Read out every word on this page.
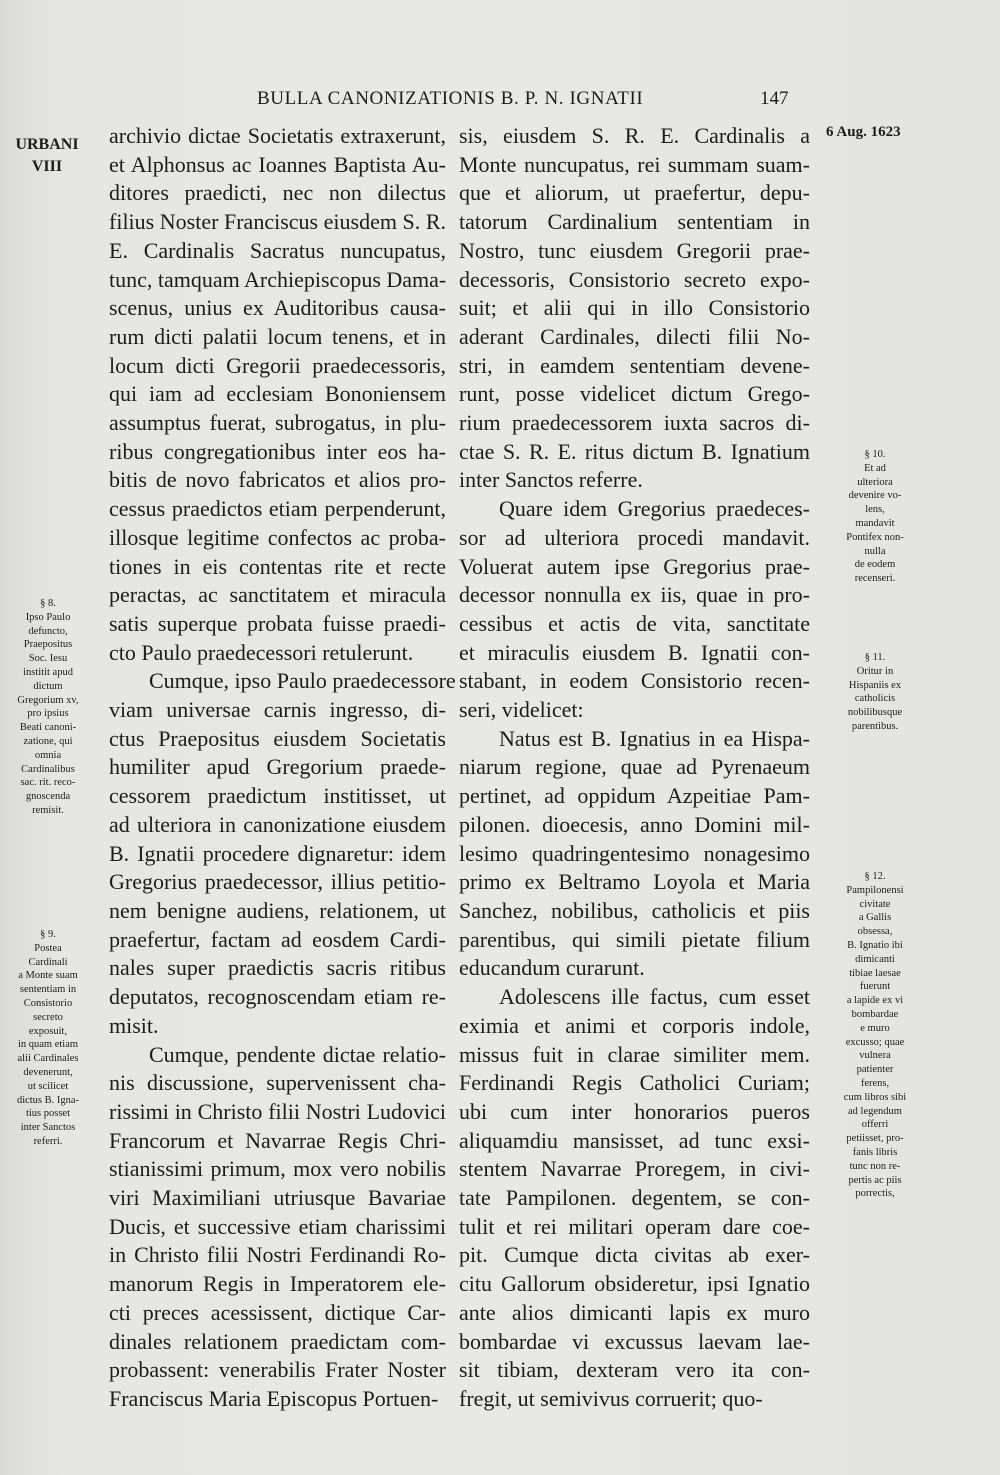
BULLA CANONIZATIONIS B. P. N. IGNATII	147
URBANI
VIII
6 Aug. 1623

archivio dictae Societatis extraxerunt,
et Alphonsus ac Ioannes Baptista Au-
ditores praedicti, nec non dilectus
filius Noster Franciscus eiusdem S. R.
E. Cardinalis Sacratus nuncupatus,
tunc, tamquam Archiepiscopus Dama-
scenus, unius ex Auditoribus causa-
rum dicti palatii locum tenens, et in
locum dicti Gregorii praedecessoris,
qui iam ad ecclesiam Bononiensem
assumptus fuerat, subrogatus, in plu-
ribus congregationibus inter eos ha-
bitis de novo fabricatos et alios pro-
cessus praedictos etiam perpenderunt,
illosque legitime confectos ac proba-
tiones in eis contentas rite et recte
peractas, ac sanctitatem et miracula
satis superque probata fuisse praedi-
cto Paulo praedecessori retulerunt.

Cumque, ipso Paulo praedecessore
viam universae carnis ingresso, di-
ctus Praepositus eiusdem Societatis
humiliter apud Gregorium praede-
cessorem praedictum institisset, ut
ad ulteriora in canonizatione eiusdem
B. Ignatii procedere dignaretur: idem
Gregorius praedecessor, illius petitio-
nem benigne audiens, relationem, ut
praefertur, factam ad eosdem Cardi-
nales super praedictis sacris ritibus
deputatos, recognoscendam etiam re-
misit.

Cumque, pendente dictae relatio-
nis discussione, supervenissent cha-
rissimi in Christo filii Nostri Ludovici
Francorum et Navarrae Regis Chri-
stianissimi primum, mox vero nobilis
viri Maximiliani utriusque Bavariae
Ducis, et successive etiam charissimi
in Christo filii Nostri Ferdinandi Ro-
manorum Regis in Imperatorem ele-
cti preces acessissent, dictique Car-
dinales relationem praedictam com-
probassent: venerabilis Frater Noster
Franciscus Maria Episcopus Portuen-

sis, eiusdem S. R. E. Cardinalis a
Monte nuncupatus, rei summam suam-
que et aliorum, ut praefertur, depu-
tatorum Cardinalium sententiam in
Nostro, tunc eiusdem Gregorii prae-
decessoris, Consistorio secreto expo-
suit; et alii qui in illo Consistorio
aderant Cardinales, dilecti filii No-
stri, in eamdem sententiam devene-
runt, posse videlicet dictum Grego-
rium praedecessorem iuxta sacros di-
ctae S. R. E. ritus dictum B. Ignatium
inter Sanctos referre.

Quare idem Gregorius praedeces-
sor ad ulteriora procedi mandavit.
Voluerat autem ipse Gregorius prae-
decessor nonnulla ex iis, quae in pro-
cessibus et actis de vita, sanctitate
et miraculis eiusdem B. Ignatii con-
stabant, in eodem Consistorio recen-
seri, videlicet:

Natus est B. Ignatius in ea Hispa-
niarum regione, quae ad Pyrenaeum
pertinet, ad oppidum Azpeitiae Pam-
pilonen. dioecesis, anno Domini mil-
lesimo quadringentesimo nonagesimo
primo ex Beltramo Loyola et Maria
Sanchez, nobilibus, catholicis et piis
parentibus, qui simili pietate filium
educandum curarunt.

Adolescens ille factus, cum esset
eximia et animi et corporis indole,
missus fuit in clarae similiter mem.
Ferdinandi Regis Catholici Curiam;
ubi cum inter honorarios pueros
aliquamdiu mansisset, ad tunc exsi-
stentem Navarrae Proregem, in civi-
tate Pampilonen. degentem, se con-
tulit et rei militari operam dare coe-
pit. Cumque dicta civitas ab exer-
citu Gallorum obsideretur, ipsi Ignatio
ante alios dimicanti lapis ex muro
bombardae vi excussus laevam lae-
sit tibiam, dexteram vero ita con-
fregit, ut semivivus corruerit; quo-

§ 8.
Ipso Paulo
defuncto,
Praepositus
Soc. Iesu
institit apud
dictum
Gregorium xv,
pro ipsius
Beati canoni-
zatione, qui
omnia
Cardinalibus
sac. rit. reco-
gnoscenda
remisit.
§ 9.
Postea
Cardinali
a Monte suam
sententiam in
Consistorio
secreto
exposuit,
in quam etiam
alii Cardinales
devenerunt,
ut scilicet
dictus B. Igna-
tius posset
inter Sanctos
referri.
§ 10.
Et ad
ulteriora
devenire vo-
lens,
mandavit
Pontifex non-
nulla
de eodem
recenseri.
§ 11.
Oritur in
Hispaniis ex
catholicis
nobilibusque
parentibus.
§ 12.
Pampilonensi
civitate
a Gallis
obsessa,
B. Ignatio ibi
dimicanti
tibiae laesae
fuerunt
a lapide ex vi
bombardae
e muro
excusso; quae
vulnera
patienter
ferens,
cum libros sibi
ad legendum
offerri
petiisset, pro-
fanis libris
tunc non re-
pertis ac piis
porrectis,
